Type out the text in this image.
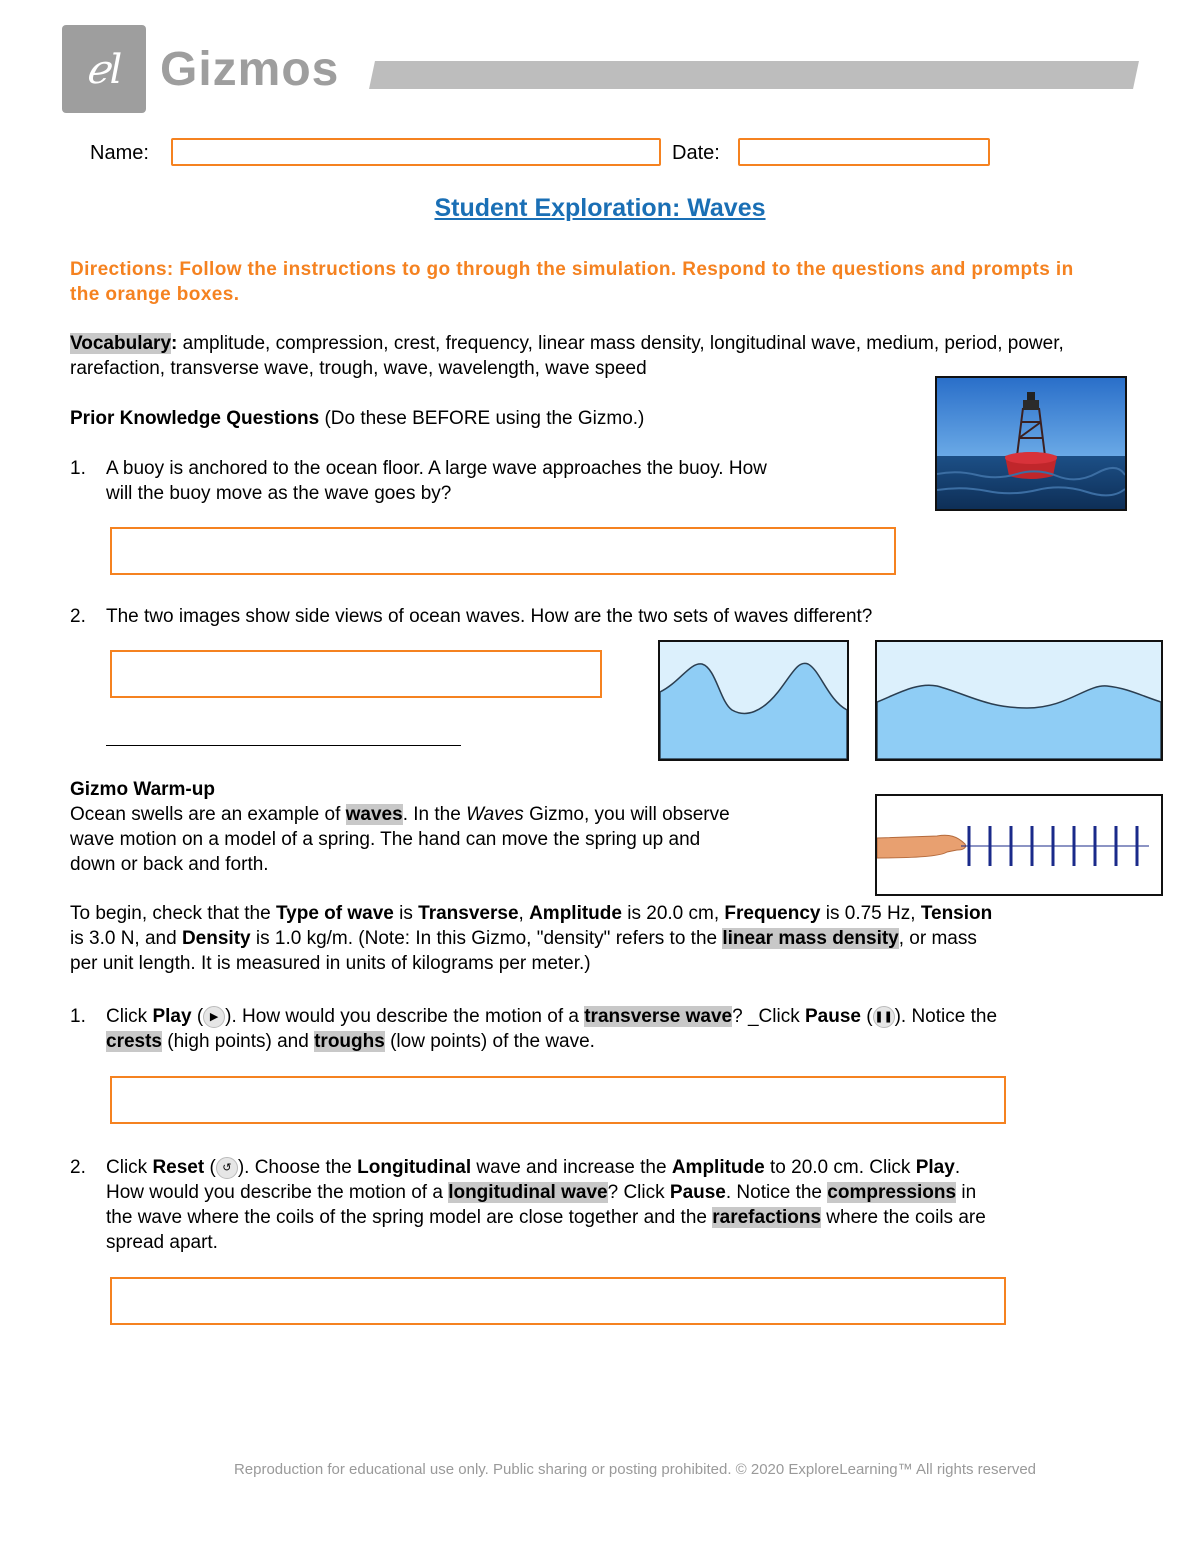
ℯl Gizmos
Name:	Date:
Student Exploration: Waves
Directions: Follow the instructions to go through the simulation. Respond to the questions and prompts in the orange boxes.
Vocabulary: amplitude, compression, crest, frequency, linear mass density, longitudinal wave, medium, period, power, rarefaction, transverse wave, trough, wave, wavelength, wave speed
Prior Knowledge Questions (Do these BEFORE using the Gizmo.)
1. A buoy is anchored to the ocean floor. A large wave approaches the buoy. How
will the buoy move as the wave goes by?
2. The two images show side views of ocean waves. How are the two sets of waves different?
Gizmo Warm-up
Ocean swells are an example of waves. In the Waves Gizmo, you will observe
wave motion on a model of a spring. The hand can move the spring up and
down or back and forth.
To begin, check that the Type of wave is Transverse, Amplitude is 20.0 cm, Frequency is 0.75 Hz, Tension
is 3.0 N, and Density is 1.0 kg/m. (Note: In this Gizmo, "density" refers to the linear mass density, or mass
per unit length. It is measured in units of kilograms per meter.)
1. Click Play ( ▶ ). How would you describe the motion of a transverse wave? _Click Pause ( ❚❚). Notice the
crests (high points) and troughs (low points) of the wave.
2. Click Reset ( ↺ ). Choose the Longitudinal wave and increase the Amplitude to 20.0 cm. Click Play.
How would you describe the motion of a longitudinal wave? Click Pause. Notice the compressions in
the wave where the coils of the spring model are close together and the rarefactions where the coils are
spread apart.
Reproduction for educational use only. Public sharing or posting prohibited. © 2020 ExploreLearning™ All rights reserved
